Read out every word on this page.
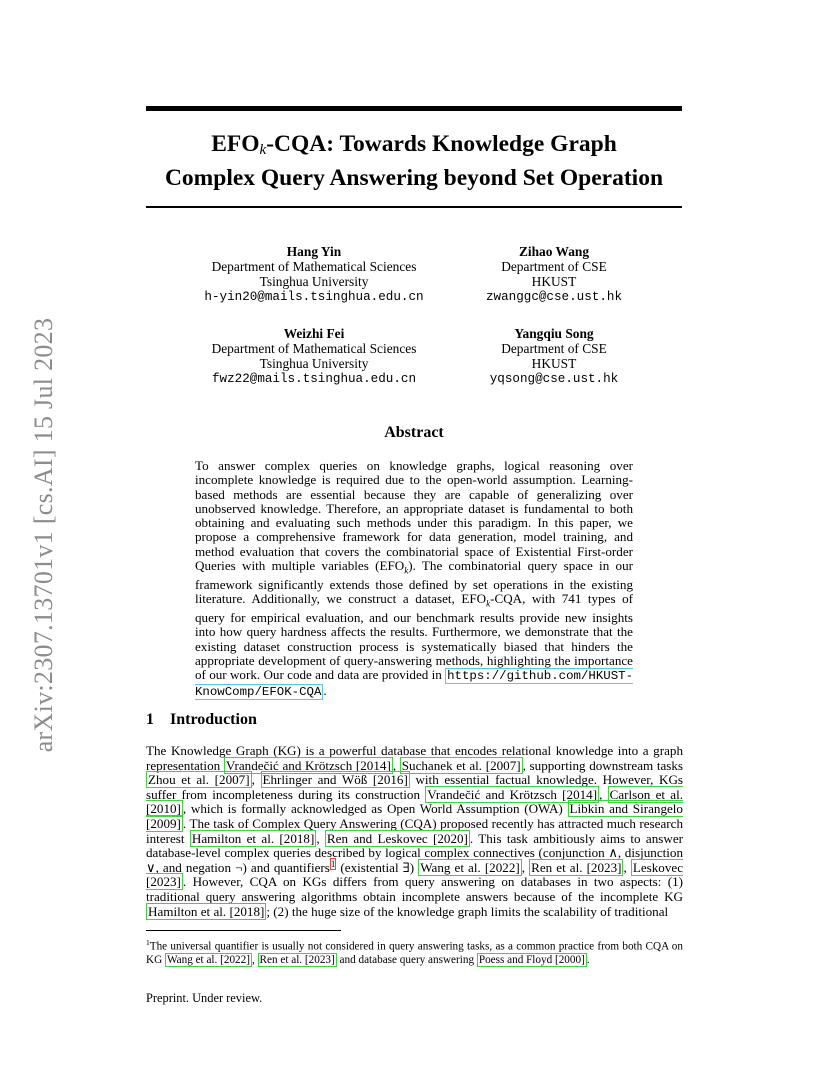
arXiv:2307.13701v1 [cs.AI] 15 Jul 2023
$EFO_k$-CQA: Towards Knowledge Graph
Complex Query Answering beyond Set Operation
Hang Yin
Department of Mathematical Sciences
Tsinghua University
h-yin20@mails.tsinghua.edu.cn
Zihao Wang
Department of CSE
HKUST
zwanggc@cse.ust.hk
Weizhi Fei
Department of Mathematical Sciences
Tsinghua University
fwz22@mails.tsinghua.edu.cn
Yangqiu Song
Department of CSE
HKUST
yqsong@cse.ust.hk
Abstract
To answer complex queries on knowledge graphs, logical reasoning over incomplete knowledge is required due to the open-world assumption. Learning-based methods are essential because they are capable of generalizing over unobserved knowledge. Therefore, an appropriate dataset is fundamental to both obtaining and evaluating such methods under this paradigm. In this paper, we propose a comprehensive framework for data generation, model training, and method evaluation that covers the combinatorial space of Existential First-order Queries with multiple variables $(EFO_k)$. The combinatorial query space in our framework significantly extends those defined by set operations in the existing literature. Additionally, we construct a dataset, $EFO_k$-CQA, with 741 types of query for empirical evaluation, and our benchmark results provide new insights into how query hardness affects the results. Furthermore, we demonstrate that the existing dataset construction process is systematically biased that hinders the appropriate development of query-answering methods, highlighting the importance of our work. Our code and data are provided in https://github.com/HKUST-KnowComp/EFOK-CQA .
1 Introduction
The Knowledge Graph (KG) is a powerful database that encodes relational knowledge into a graph representation Vrandečić and Krötzsch [2014] , Suchanek et al. [2007] , supporting downstream tasks Zhou et al. [2007] , Ehrlinger and Wöß [2016] with essential factual knowledge. However, KGs suffer from incompleteness during its construction Vrandečić and Krötzsch [2014] , Carlson et al. [2010] , which is formally acknowledged as Open World Assumption (OWA) Libkin and Sirangelo [2009] . The task of Complex Query Answering (CQA) proposed recently has attracted much research interest Hamilton et al. [2018] , Ren and Leskovec [2020] . This task ambitiously aims to answer database-level complex queries described by logical complex connectives (conjunction ∧, disjunction ∨, and negation ¬) and quantifiers$^1$ (existential ∃) Wang et al. [2022] , Ren et al. [2023] , Leskovec [2023] . However, CQA on KGs differs from query answering on databases in two aspects: (1) traditional query answering algorithms obtain incomplete answers because of the incomplete KG Hamilton et al. [2018] ; (2) the huge size of the knowledge graph limits the scalability of traditional
$^1$The universal quantifier is usually not considered in query answering tasks, as a common practice from both CQA on KG Wang et al. [2022] , Ren et al. [2023] and database query answering Poess and Floyd [2000] .
Preprint. Under review.
